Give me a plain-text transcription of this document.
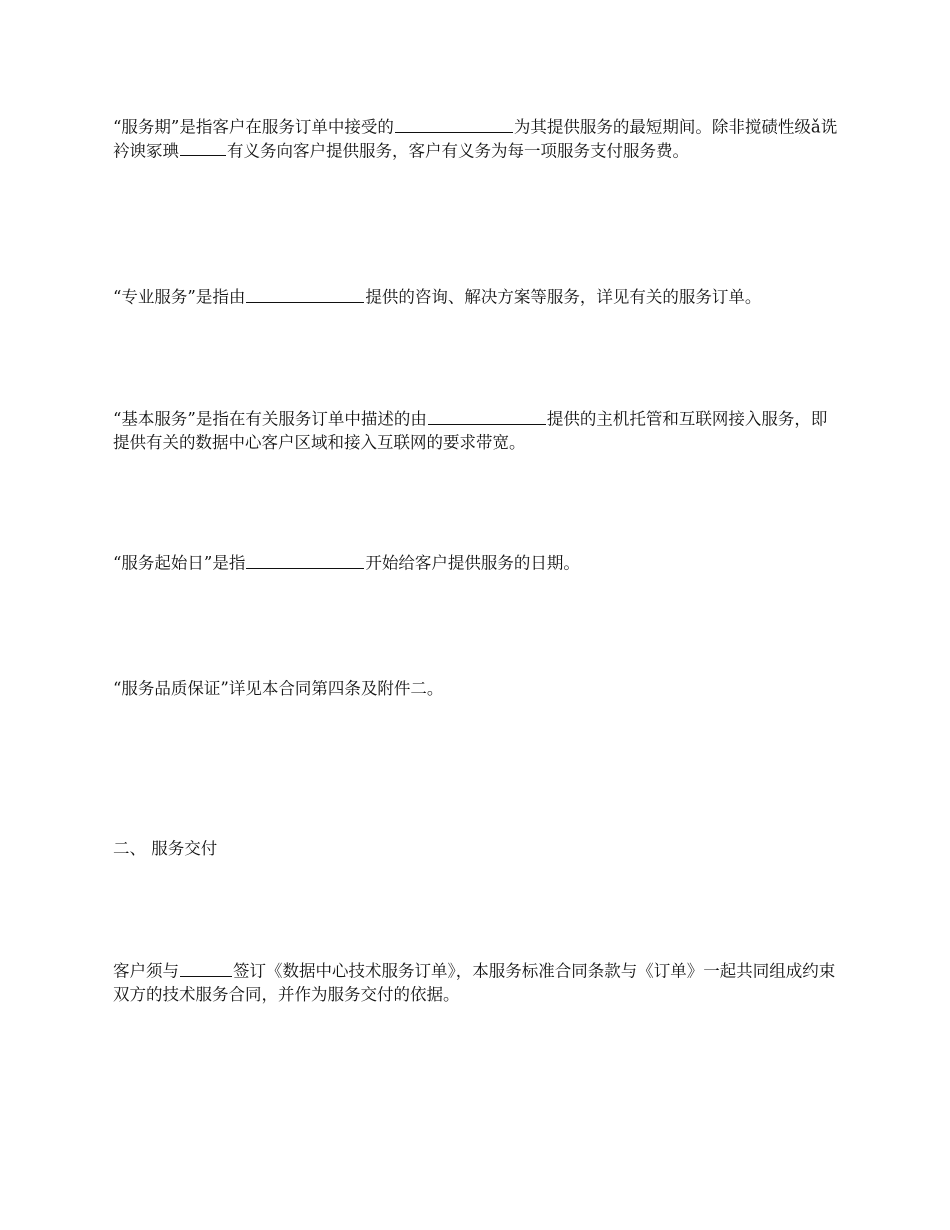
“服务期”是指客户在服务订单中接受的	为其提供服务的最短期间。除非搅碛性级ǎ诜衿谀冢琠	有义务向客户提供服务，客户有义务为每一项服务支付服务费。

“专业服务”是指由	提供的咨询、解决方案等服务，详见有关的服务订单。

“基本服务”是指在有关服务订单中描述的由	提供的主机托管和互联网接入服务，即提供有关的数据中心客户区域和接入互联网的要求带宽。

“服务起始日”是指	开始给客户提供服务的日期。

“服务品质保证”详见本合同第四条及附件二。

二、 服务交付

客户须与	签订《数据中心技术服务订单》，本服务标准合同条款与《订单》一起共同组成约束双方的技术服务合同，并作为服务交付的依据。
